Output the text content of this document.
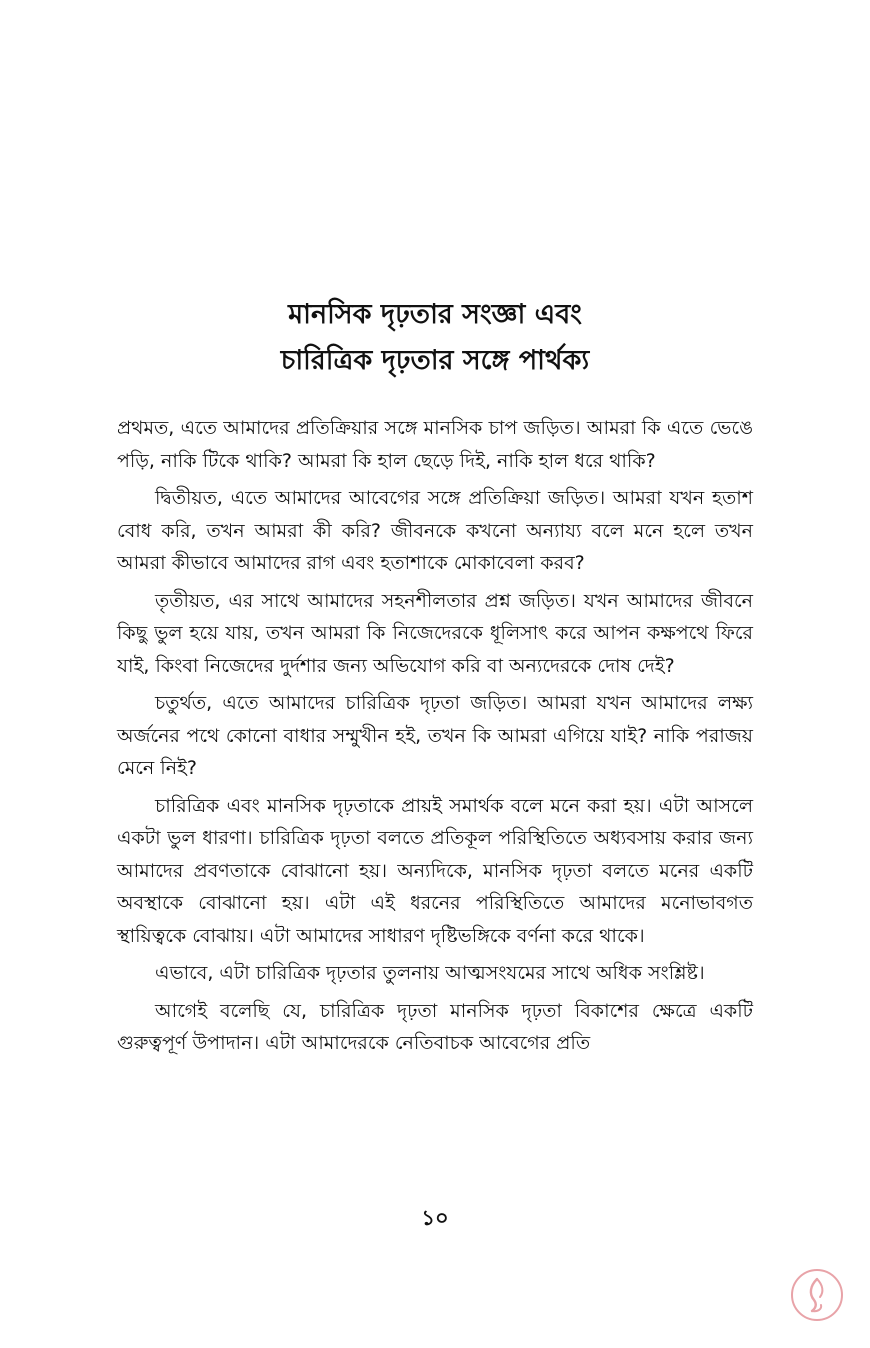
মানসিক দৃঢ়তার সংজ্ঞা এবং
চারিত্রিক দৃঢ়তার সঙ্গে পার্থক্য

প্রথমত, এতে আমাদের প্রতিক্রিয়ার সঙ্গে মানসিক চাপ জড়িত। আমরা কি এতে ভেঙে পড়ি, নাকি টিকে থাকি? আমরা কি হাল ছেড়ে দিই, নাকি হাল ধরে থাকি?

দ্বিতীয়ত, এতে আমাদের আবেগের সঙ্গে প্রতিক্রিয়া জড়িত। আমরা যখন হতাশ বোধ করি, তখন আমরা কী করি? জীবনকে কখনো অন্যায্য বলে মনে হলে তখন আমরা কীভাবে আমাদের রাগ এবং হতাশাকে মোকাবেলা করব?

তৃতীয়ত, এর সাথে আমাদের সহনশীলতার প্রশ্ন জড়িত। যখন আমাদের জীবনে কিছু ভুল হয়ে যায়, তখন আমরা কি নিজেদেরকে ধূলিসাৎ করে আপন কক্ষপথে ফিরে যাই, কিংবা নিজেদের দুর্দশার জন্য অভিযোগ করি বা অন্যদেরকে দোষ দেই?

চতুর্থত, এতে আমাদের চারিত্রিক দৃঢ়তা জড়িত। আমরা যখন আমাদের লক্ষ্য অর্জনের পথে কোনো বাধার সম্মুখীন হই, তখন কি আমরা এগিয়ে যাই? নাকি পরাজয় মেনে নিই?

চারিত্রিক এবং মানসিক দৃঢ়তাকে প্রায়ই সমার্থক বলে মনে করা হয়। এটা আসলে একটা ভুল ধারণা। চারিত্রিক দৃঢ়তা বলতে প্রতিকূল পরিস্থিতিতে অধ্যবসায় করার জন্য আমাদের প্রবণতাকে বোঝানো হয়। অন্যদিকে, মানসিক দৃঢ়তা বলতে মনের একটি অবস্থাকে বোঝানো হয়। এটা এই ধরনের পরিস্থিতিতে আমাদের মনোভাবগত স্থায়িত্বকে বোঝায়। এটা আমাদের সাধারণ দৃষ্টিভঙ্গিকে বর্ণনা করে থাকে।

এভাবে, এটা চারিত্রিক দৃঢ়তার তুলনায় আত্মসংযমের সাথে অধিক সংশ্লিষ্ট।

আগেই বলেছি যে, চারিত্রিক দৃঢ়তা মানসিক দৃঢ়তা বিকাশের ক্ষেত্রে একটি গুরুত্বপূর্ণ উপাদান। এটা আমাদেরকে নেতিবাচক আবেগের প্রতি

১০
